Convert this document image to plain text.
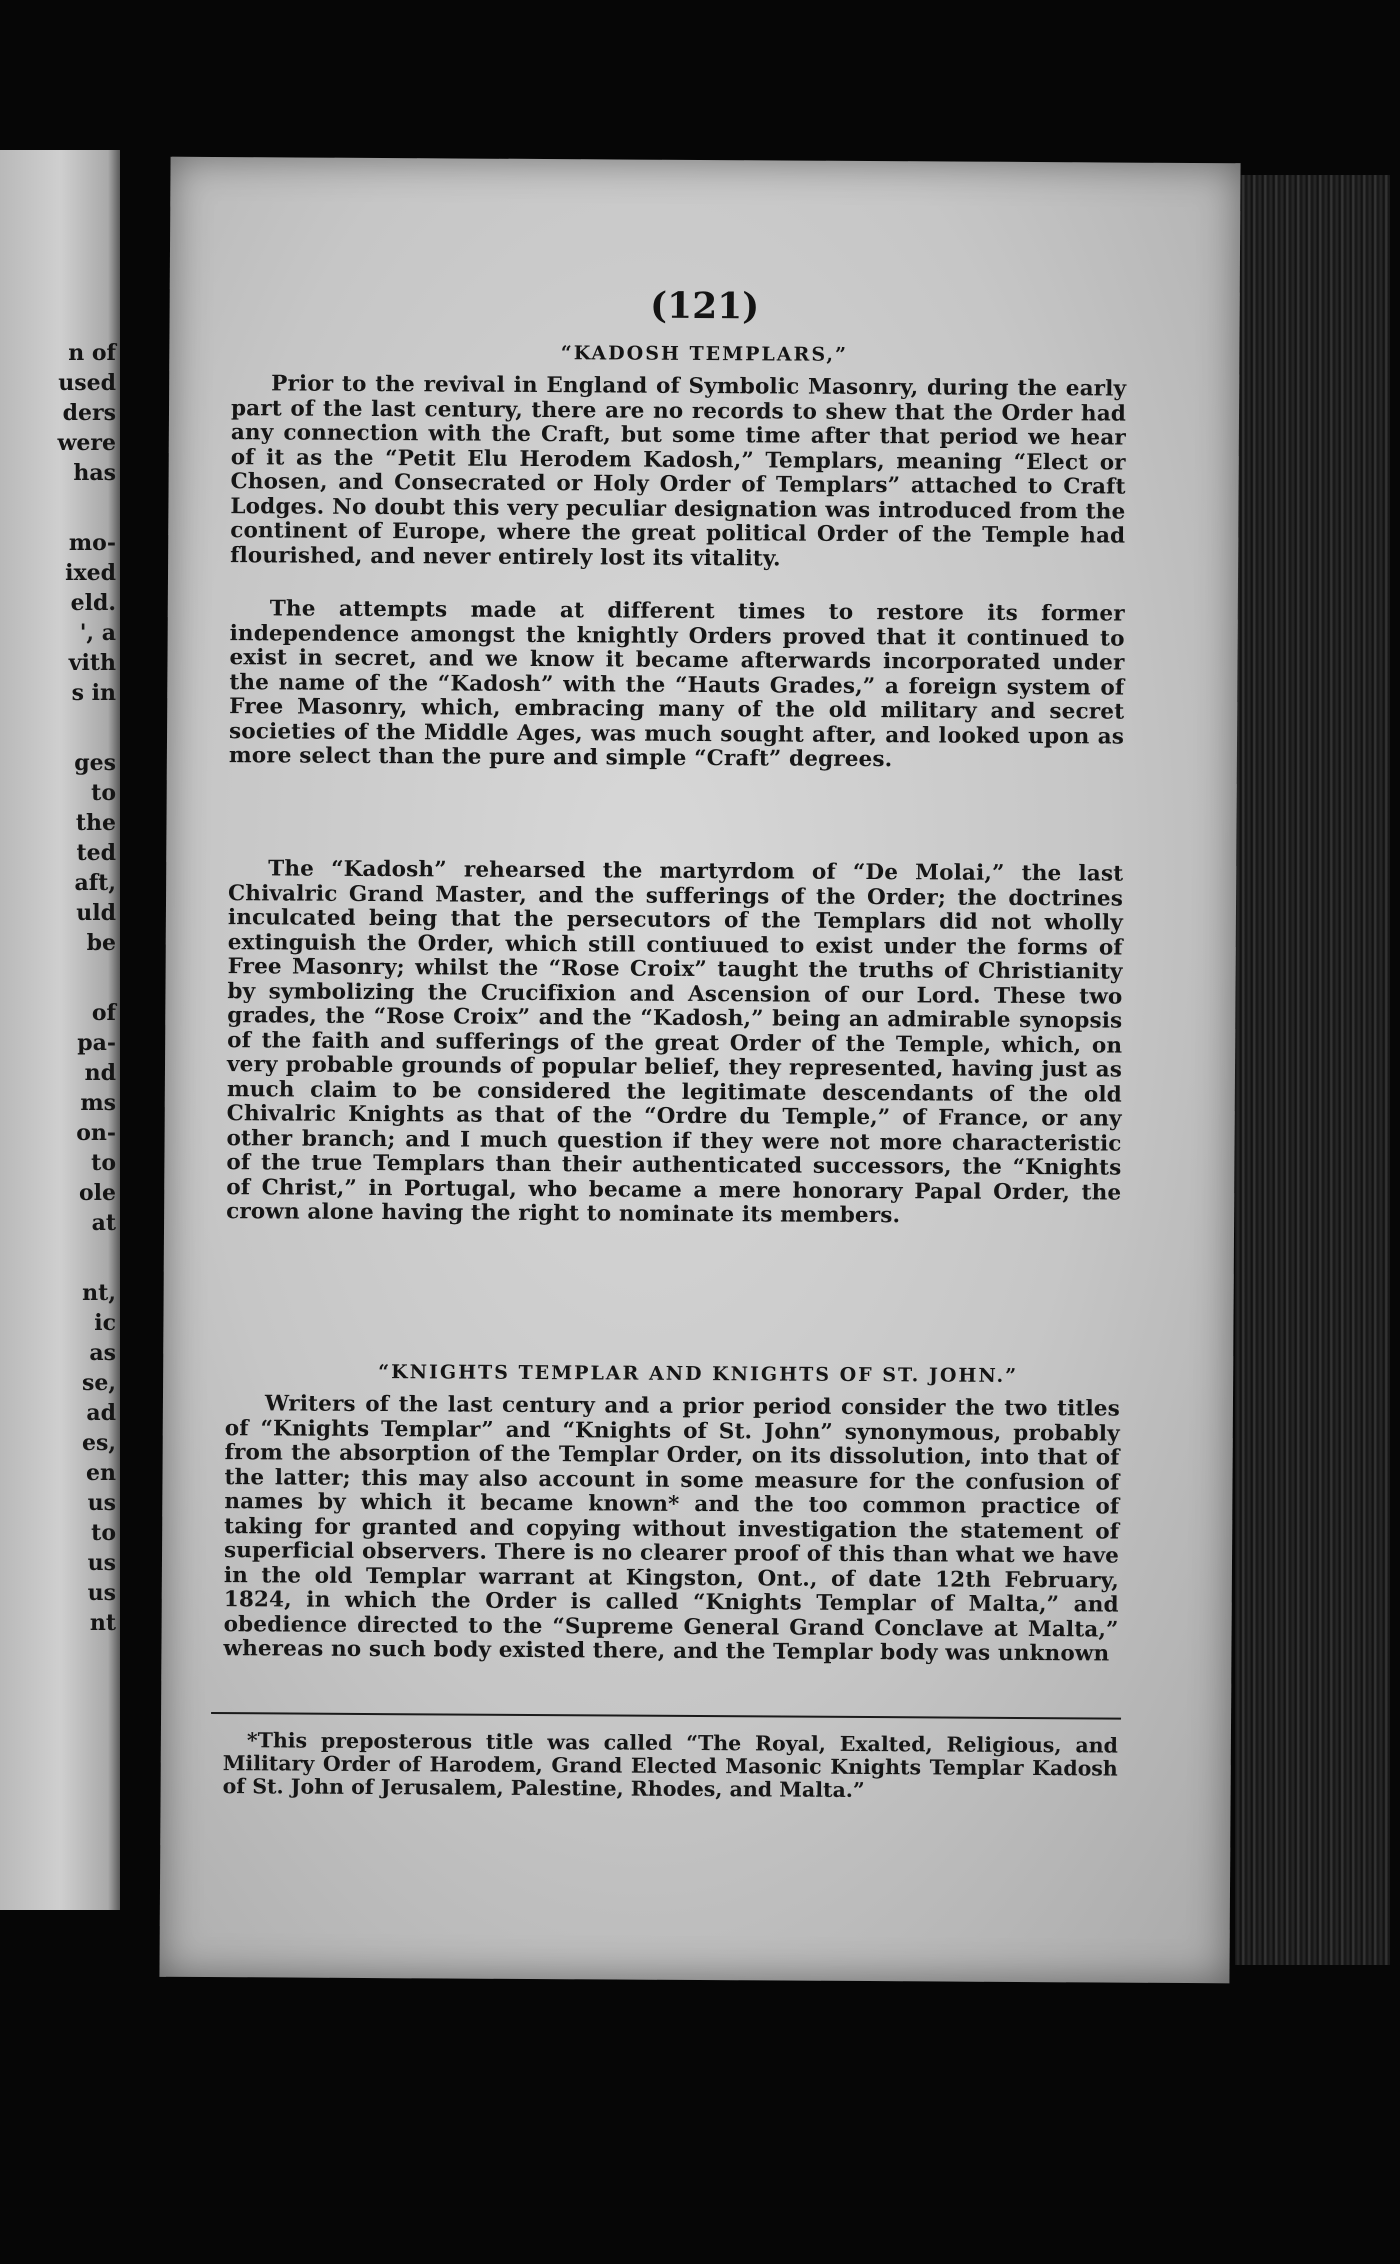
n of
used
ders
were
has
mo-
ixed
eld.
', a
vith
s in
ges
to
the
ted
aft,
uld
be
of
pa-
nd
ms
on-
to
ole
at
nt,
ic
as
se,
ad
es,
en
us
to
us
us
nt
(121)
“KADOSH TEMPLARS,”

Prior to the revival in England of Symbolic Masonry, during the early part of the last century, there are no records to shew that the Order had any connection with the Craft, but some time after that period we hear of it as the “Petit Elu Herodem Kadosh,” Templars, meaning “Elect or Chosen, and Consecrated or Holy Order of Templars” attached to Craft Lodges. No doubt this very peculiar designation was introduced from the continent of Europe, where the great political Order of the Temple had flourished, and never entirely lost its vitality.

The attempts made at different times to restore its former independence amongst the knightly Orders proved that it continued to exist in secret, and we know it became afterwards incorporated under the name of the “Kadosh” with the “Hauts Grades,” a foreign system of Free Masonry, which, embracing many of the old military and secret societies of the Middle Ages, was much sought after, and looked upon as more select than the pure and simple “Craft” degrees.

The “Kadosh” rehearsed the martyrdom of “De Molai,” the last Chivalric Grand Master, and the sufferings of the Order; the doctrines inculcated being that the persecutors of the Templars did not wholly extinguish the Order, which still contiuued to exist under the forms of Free Masonry; whilst the “Rose Croix” taught the truths of Christianity by symbolizing the Crucifixion and Ascension of our Lord. These two grades, the “Rose Croix” and the “Kadosh,” being an admirable synopsis of the faith and sufferings of the great Order of the Temple, which, on very probable grounds of popular belief, they represented, having just as much claim to be considered the legitimate descendants of the old Chivalric Knights as that of the “Ordre du Temple,” of France, or any other branch; and I much question if they were not more characteristic of the true Templars than their authenticated successors, the “Knights of Christ,” in Portugal, who became a mere honorary Papal Order, the crown alone having the right to nominate its members.

“KNIGHTS TEMPLAR AND KNIGHTS OF ST. JOHN.”

Writers of the last century and a prior period consider the two titles of “Knights Templar” and “Knights of St. John” synonymous, probably from the absorption of the Templar Order, on its dissolution, into that of the latter; this may also account in some measure for the confusion of names by which it became known* and the too common practice of taking for granted and copying without investigation the statement of superficial observers. There is no clearer proof of this than what we have in the old Templar warrant at Kingston, Ont., of date 12th February, 1824, in which the Order is called “Knights Templar of Malta,” and obedience directed to the “Supreme General Grand Conclave at Malta,” whereas no such body existed there, and the Templar body was unknown

*This preposterous title was called “The Royal, Exalted, Religious, and Military Order of Harodem, Grand Elected Masonic Knights Templar Kadosh of St. John of Jerusalem, Palestine, Rhodes, and Malta.”
